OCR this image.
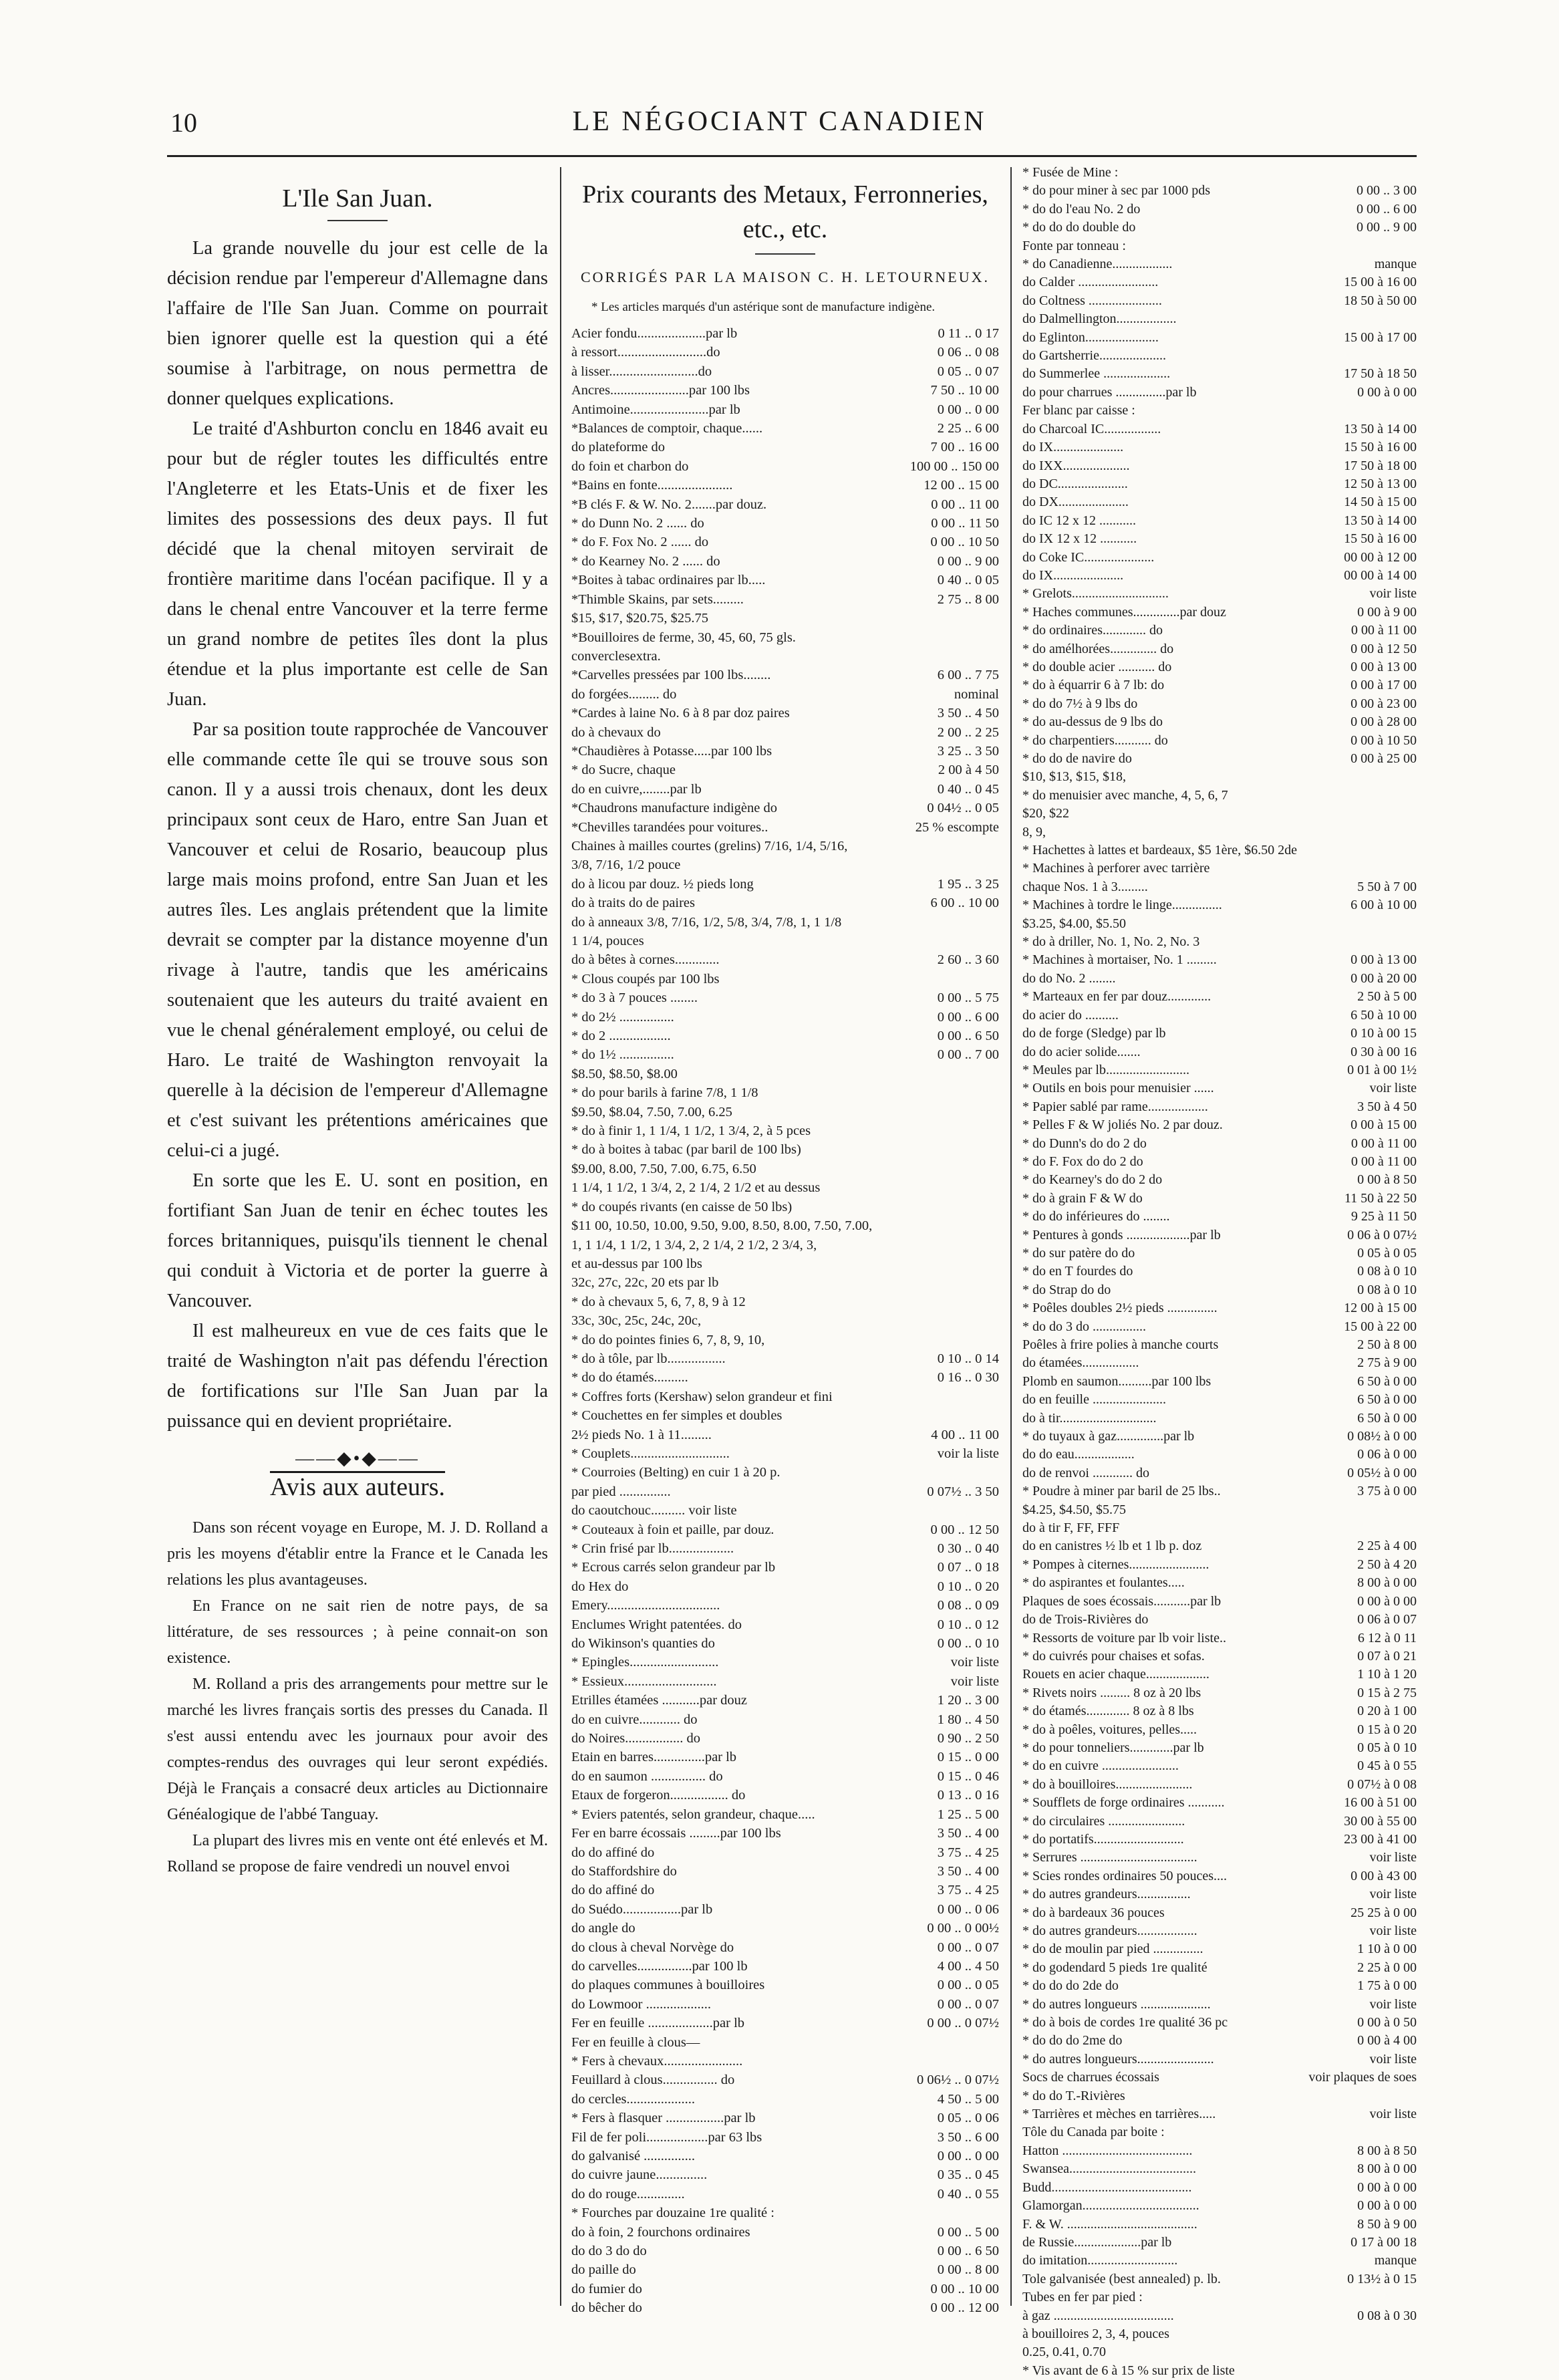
10	LE NÉGOCIANT CANADIEN
L'Ile San Juan.

La grande nouvelle du jour est celle de la décision rendue par l'empereur d'Allemagne dans l'affaire de l'Ile San Juan. Comme on pourrait bien ignorer quelle est la question qui a été soumise à l'arbitrage, on nous permettra de donner quelques explications.

Le traité d'Ashburton conclu en 1846 avait eu pour but de régler toutes les difficultés entre l'Angleterre et les Etats-Unis et de fixer les limites des possessions des deux pays. Il fut décidé que la chenal mitoyen servirait de frontière maritime dans l'océan pacifique. Il y a dans le chenal entre Vancouver et la terre ferme un grand nombre de petites îles dont la plus étendue et la plus importante est celle de San Juan.

Par sa position toute rapprochée de Vancouver elle commande cette île qui se trouve sous son canon. Il y a aussi trois chenaux, dont les deux principaux sont ceux de Haro, entre San Juan et Vancouver et celui de Rosario, beaucoup plus large mais moins profond, entre San Juan et les autres îles. Les anglais prétendent que la limite devrait se compter par la distance moyenne d'un rivage à l'autre, tandis que les américains soutenaient que les auteurs du traité avaient en vue le chenal généralement employé, ou celui de Haro. Le traité de Washington renvoyait la querelle à la décision de l'empereur d'Allemagne et c'est suivant les prétentions américaines que celui-ci a jugé.

En sorte que les E. U. sont en position, en fortifiant San Juan de tenir en échec toutes les forces britanniques, puisqu'ils tiennent le chenal qui conduit à Victoria et de porter la guerre à Vancouver.

Il est malheureux en vue de ces faits que le traité de Washington n'ait pas défendu l'érection de fortifications sur l'Ile San Juan par la puissance qui en devient propriétaire.

——◆•◆——
Avis aux auteurs.

Dans son récent voyage en Europe, M. J. D. Rolland a pris les moyens d'établir entre la France et le Canada les relations les plus avantageuses.

En France on ne sait rien de notre pays, de sa littérature, de ses ressources ; à peine connait-on son existence.

M. Rolland a pris des arrangements pour mettre sur le marché les livres français sortis des presses du Canada. Il s'est aussi entendu avec les journaux pour avoir des comptes-rendus des ouvrages qui leur seront expédiés. Déjà le Français a consacré deux articles au Dictionnaire Généalogique de l'abbé Tanguay.

La plupart des livres mis en vente ont été enlevés et M. Rolland se propose de faire vendredi un nouvel envoi

Prix courants des Metaux, Ferronneries, etc., etc.
CORRIGÉS PAR LA MAISON C. H. LETOURNEUX.

* Les articles marqués d'un astérique sont de manufacture indigène.

Acier fondu....................par lb	0 11 .. 0 17
à ressort..........................do	0 06 .. 0 08
à lisser..........................do	0 05 .. 0 07
Ancres.......................par 100 lbs	7 50 .. 10 00
Antimoine.......................par lb	0 00 .. 0 00
*Balances de comptoir, chaque......	2 25 .. 6 00
do plateforme do	7 00 .. 16 00
do foin et charbon do	100 00 .. 150 00
*Bains en fonte......................	12 00 .. 15 00
*B clés F. & W. No. 2.......par douz.	0 00 .. 11 00
* do Dunn No. 2 ...... do	0 00 .. 11 50
* do F. Fox No. 2 ...... do	0 00 .. 10 50
* do Kearney No. 2 ...... do	0 00 .. 9 00
*Boites à tabac ordinaires par lb.....	0 40 .. 0 05
*Thimble Skains, par sets.........	2 75 .. 8 00
$15, $17, $20.75, $25.75
*Bouilloires de ferme, 30, 45, 60, 75 gls.
converclesextra.
*Carvelles pressées par 100 lbs........	6 00 .. 7 75
do forgées......... do	nominal
*Cardes à laine No. 6 à 8 par doz paires	3 50 .. 4 50
do à chevaux do	2 00 .. 2 25
*Chaudières à Potasse.....par 100 lbs	3 25 .. 3 50
* do Sucre, chaque	2 00 à 4 50
do en cuivre,........par lb	0 40 .. 0 45
*Chaudrons manufacture indigène do	0 04½ .. 0 05
*Chevilles tarandées pour voitures..	25 % escompte
Chaines à mailles courtes (grelins) 7/16, 1/4, 5/16,
3/8, 7/16, 1/2 pouce
do à licou par douz. ½ pieds long	1 95 .. 3 25
do à traits do de paires	6 00 .. 10 00
do à anneaux 3/8, 7/16, 1/2, 5/8, 3/4, 7/8, 1, 1 1/8
1 1/4, pouces
do à bêtes à cornes.............	2 60 .. 3 60
* Clous coupés par 100 lbs
* do 3 à 7 pouces ........	0 00 .. 5 75
* do 2½ ................	0 00 .. 6 00
* do 2 ..................	0 00 .. 6 50
* do 1½ ................	0 00 .. 7 00
$8.50, $8.50, $8.00
* do pour barils à farine 7/8, 1 1/8
$9.50, $8.04, 7.50, 7.00, 6.25
* do à finir 1, 1 1/4, 1 1/2, 1 3/4, 2, à 5 pces
* do à boites à tabac (par baril de 100 lbs)
$9.00, 8.00, 7.50, 7.00, 6.75, 6.50
1 1/4, 1 1/2, 1 3/4, 2, 2 1/4, 2 1/2 et au dessus
* do coupés rivants (en caisse de 50 lbs)
$11 00, 10.50, 10.00, 9.50, 9.00, 8.50, 8.00, 7.50, 7.00,
1, 1 1/4, 1 1/2, 1 3/4, 2, 2 1/4, 2 1/2, 2 3/4, 3,
et au-dessus par 100 lbs
32c, 27c, 22c, 20 ets par lb
* do à chevaux 5, 6, 7, 8, 9 à 12
33c, 30c, 25c, 24c, 20c,
* do do pointes finies 6, 7, 8, 9, 10,
* do à tôle, par lb.................	0 10 .. 0 14
* do do étamés..........	0 16 .. 0 30
* Coffres forts (Kershaw) selon grandeur et fini
* Couchettes en fer simples et doubles
2½ pieds No. 1 à 11.........	4 00 .. 11 00
* Couplets.............................	voir la liste
* Courroies (Belting) en cuir 1 à 20 p.
par pied ...............	0 07½ .. 3 50
do caoutchouc.......... voir liste
* Couteaux à foin et paille, par douz.	0 00 .. 12 50
* Crin frisé par lb...................	0 30 .. 0 40
* Ecrous carrés selon grandeur par lb	0 07 .. 0 18
do Hex do	0 10 .. 0 20
Emery.................................	0 08 .. 0 09
Enclumes Wright patentées. do	0 10 .. 0 12
do Wikinson's quanties do	0 00 .. 0 10
* Epingles..........................	voir liste
* Essieux...........................	voir liste
Etrilles étamées ...........par douz	1 20 .. 3 00
do en cuivre............ do	1 80 .. 4 50
do Noires................. do	0 90 .. 2 50
Etain en barres...............par lb	0 15 .. 0 00
do en saumon ................ do	0 15 .. 0 46
Etaux de forgeron................. do	0 13 .. 0 16
* Eviers patentés, selon grandeur, chaque.....	1 25 .. 5 00
Fer en barre écossais .........par 100 lbs	3 50 .. 4 00
do do affiné do	3 75 .. 4 25
do Staffordshire do	3 50 .. 4 00
do do affiné do	3 75 .. 4 25
do Suédo.................par lb	0 00 .. 0 06
do angle do	0 00 .. 0 00½
do clous à cheval Norvège do	0 00 .. 0 07
do carvelles................par 100 lb	4 00 .. 4 50
do plaques communes à bouilloires	0 00 .. 0 05
do Lowmoor ...................	0 00 .. 0 07
Fer en feuille ...................par lb	0 00 .. 0 07½
Fer en feuille à clous—
* Fers à chevaux.......................
Feuillard à clous................ do	0 06½ .. 0 07½
do cercles....................	4 50 .. 5 00
* Fers à flasquer .................par lb	0 05 .. 0 06
Fil de fer poli..................par 63 lbs	3 50 .. 6 00
do galvanisé ...............	0 00 .. 0 00
do cuivre jaune...............	0 35 .. 0 45
do do rouge..............	0 40 .. 0 55
* Fourches par douzaine 1re qualité :
do à foin, 2 fourchons ordinaires	0 00 .. 5 00
do do 3 do do	0 00 .. 6 50
do paille do	0 00 .. 8 00
do fumier do	0 00 .. 10 00
do bêcher do	0 00 .. 12 00
* Fusée de Mine :
* do pour miner à sec par 1000 pds	0 00 .. 3 00
* do do l'eau No. 2 do	0 00 .. 6 00
* do do do double do	0 00 .. 9 00
Fonte par tonneau :
* do Canadienne..................	manque
do Calder ........................	15 00 à 16 00
do Coltness ......................	18 50 à 50 00
do Dalmellington..................
do Eglinton......................	15 00 à 17 00
do Gartsherrie....................
do Summerlee ....................	17 50 à 18 50
do pour charrues ...............par lb	0 00 à 0 00
Fer blanc par caisse :
do Charcoal IC.................	13 50 à 14 00
do IX.....................	15 50 à 16 00
do IXX....................	17 50 à 18 00
do DC.....................	12 50 à 13 00
do DX.....................	14 50 à 15 00
do IC 12 x 12 ...........	13 50 à 14 00
do IX 12 x 12 ...........	15 50 à 16 00
do Coke IC.....................	00 00 à 12 00
do IX.....................	00 00 à 14 00
* Grelots.............................	voir liste
* Haches communes..............par douz	0 00 à 9 00
* do ordinaires............. do	0 00 à 11 00
* do amélhorées.............. do	0 00 à 12 50
* do double acier ........... do	0 00 à 13 00
* do à équarrir 6 à 7 lb: do	0 00 à 17 00
* do do 7½ à 9 lbs do	0 00 à 23 00
* do au-dessus de 9 lbs do	0 00 à 28 00
* do charpentiers........... do	0 00 à 10 50
* do do de navire do	0 00 à 25 00
$10, $13, $15, $18,
* do menuisier avec manche, 4, 5, 6, 7
$20, $22
8, 9,
* Hachettes à lattes et bardeaux, $5 1ère, $6.50 2de
* Machines à perforer avec tarrière
chaque Nos. 1 à 3.........	5 50 à 7 00
* Machines à tordre le linge...............	6 00 à 10 00
$3.25, $4.00, $5.50
* do à driller, No. 1, No. 2, No. 3
* Machines à mortaiser, No. 1 .........	0 00 à 13 00
do do No. 2 ........	0 00 à 20 00
* Marteaux en fer par douz.............	2 50 à 5 00
do acier do ..........	6 50 à 10 00
do de forge (Sledge) par lb	0 10 à 00 15
do do acier solide.......	0 30 à 00 16
* Meules par lb.........................	0 01 à 00 1½
* Outils en bois pour menuisier ......	voir liste
* Papier sablé par rame..................	3 50 à 4 50
* Pelles F & W joliés No. 2 par douz.	0 00 à 15 00
* do Dunn's do do 2 do	0 00 à 11 00
* do F. Fox do do 2 do	0 00 à 11 00
* do Kearney's do do 2 do	0 00 à 8 50
* do à grain F & W do	11 50 à 22 50
* do do inférieures do ........	9 25 à 11 50
* Pentures à gonds ...................par lb	0 06 à 0 07½
* do sur patère do do	0 05 à 0 05
* do en T fourdes do	0 08 à 0 10
* do Strap do do	0 08 à 0 10
* Poêles doubles 2½ pieds ...............	12 00 à 15 00
* do do 3 do ................	15 00 à 22 00
Poêles à frire polies à manche courts	2 50 à 8 00
do étamées.................	2 75 à 9 00
Plomb en saumon..........par 100 lbs	6 50 à 0 00
do en feuille ......................	6 50 à 0 00
do à tir.............................	6 50 à 0 00
* do tuyaux à gaz..............par lb	0 08½ à 0 00
do do eau..................	0 06 à 0 00
do de renvoi ............ do	0 05½ à 0 00
* Poudre à miner par baril de 25 lbs..	3 75 à 0 00
$4.25, $4.50, $5.75
do à tir F, FF, FFF
do en canistres ½ lb et 1 lb p. doz	2 25 à 4 00
* Pompes à citernes........................	2 50 à 4 20
* do aspirantes et foulantes.....	8 00 à 0 00
Plaques de soes écossais...........par lb	0 00 à 0 00
do de Trois-Rivières do	0 06 à 0 07
* Ressorts de voiture par lb voir liste..	6 12 à 0 11
* do cuivrés pour chaises et sofas.	0 07 à 0 21
Rouets en acier chaque...................	1 10 à 1 20
* Rivets noirs ......... 8 oz à 20 lbs	0 15 à 2 75
* do étamés............. 8 oz à 8 lbs	0 20 à 1 00
* do à poêles, voitures, pelles.....	0 15 à 0 20
* do pour tonneliers.............par lb	0 05 à 0 10
* do en cuivre .......................	0 45 à 0 55
* do à bouilloires.......................	0 07½ à 0 08
* Soufflets de forge ordinaires ...........	16 00 à 51 00
* do circulaires .......................	30 00 à 55 00
* do portatifs...........................	23 00 à 41 00
* Serrures ...................................	voir liste
* Scies rondes ordinaires 50 pouces....	0 00 à 43 00
* do autres grandeurs................	voir liste
* do à bardeaux 36 pouces	25 25 à 0 00
* do autres grandeurs..................	voir liste
* do de moulin par pied ...............	1 10 à 0 00
* do godendard 5 pieds 1re qualité	2 25 à 0 00
* do do do 2de do	1 75 à 0 00
* do autres longueurs .....................	voir liste
* do à bois de cordes 1re qualité 36 pc	0 00 à 0 50
* do do do 2me do	0 00 à 4 00
* do autres longueurs.......................	voir liste
Socs de charrues écossais	voir plaques de soes
* do do T.-Rivières
* Tarrières et mèches en tarrières.....	voir liste
Tôle du Canada par boite :
Hatton .......................................	8 00 à 8 50
Swansea......................................	8 00 à 0 00
Budd..........................................	0 00 à 0 00
Glamorgan...................................	0 00 à 0 00
F. & W. .......................................	8 50 à 9 00
de Russie....................par lb	0 17 à 00 18
do imitation...........................	manque
Tole galvanisée (best annealed) p. lb.	0 13½ à 0 15
Tubes en fer par pied :
à gaz ....................................	0 08 à 0 30
à bouilloires 2, 3, 4, pouces
0.25, 0.41, 0.70
* Vis avant de 6 à 15 % sur prix de liste
